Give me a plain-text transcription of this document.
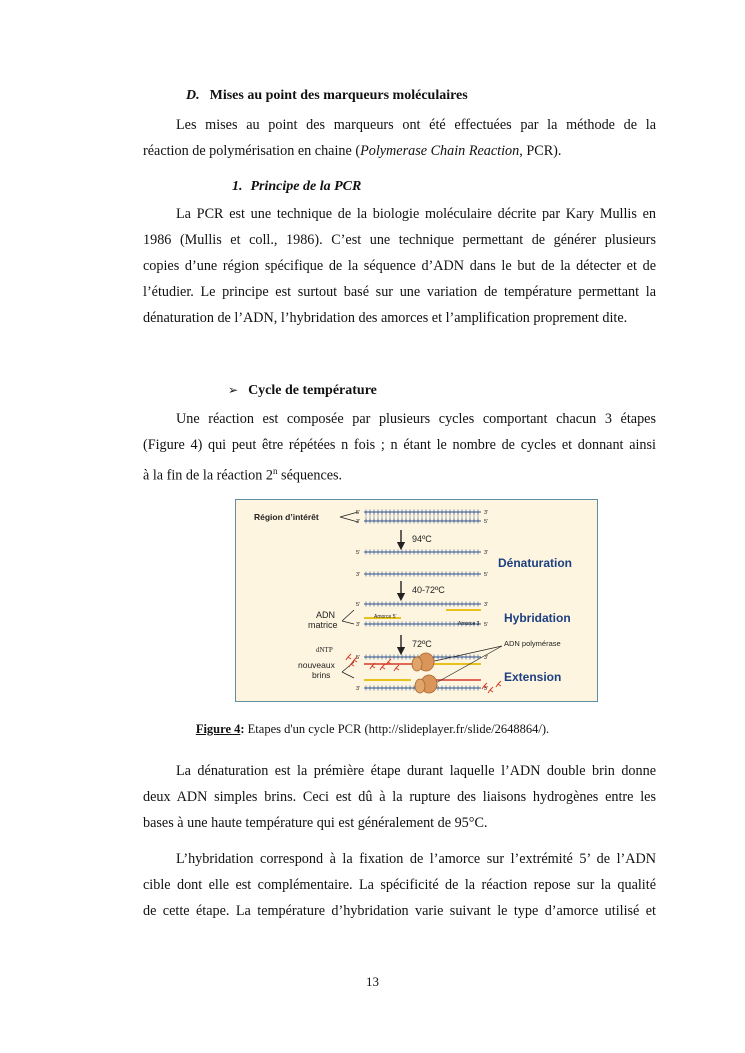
D. Mises au point des marqueurs moléculaires
Les mises au point des marqueurs ont été effectuées par la méthode de la
réaction de polymérisation en chaine (Polymerase Chain Reaction, PCR).
1. Principe de la PCR
La PCR est une technique de la biologie moléculaire décrite par Kary Mullis en
1986 (Mullis et coll., 1986). C’est une technique permettant de générer plusieurs
copies d’une région spécifique de la séquence d’ADN dans le but de la détecter et de
l’étudier. Le principe est surtout basé sur une variation de température permettant la
dénaturation de l’ADN, l’hybridation des amorces et l’amplification proprement dite.
➢ Cycle de température
Une réaction est composée par plusieurs cycles comportant chacun 3 étapes
(Figure 4) qui peut être répétées n fois ; n étant le nombre de cycles et donnant ainsi
à la fin de la réaction 2$^n$ séquences.
5’	3’
3’	5’
5’	3’
3’	5’
5’	3’
3’	5’
5’	3’
3’	5’
Région d’intérêt
94ºC
Dénaturation
40-72ºC
Hybridation
ADN
matrice
Amorce 5’
Amorce 3
72ºC	ADN polymérase
Extension
dNTP
nouveaux
brins
Figure 4: Etapes d'un cycle PCR (http://slideplayer.fr/slide/2648864/).
La dénaturation est la prémière étape durant laquelle l’ADN double brin donne
deux ADN simples brins. Ceci est dû à la rupture des liaisons hydrogènes entre les
bases à une haute température qui est généralement de 95°C.
L’hybridation correspond à la fixation de l’amorce sur l’extrémité 5’ de l’ADN
cible dont elle est complémentaire. La spécificité de la réaction repose sur la qualité
de cette étape. La température d’hybridation varie suivant le type d’amorce utilisé et
13
